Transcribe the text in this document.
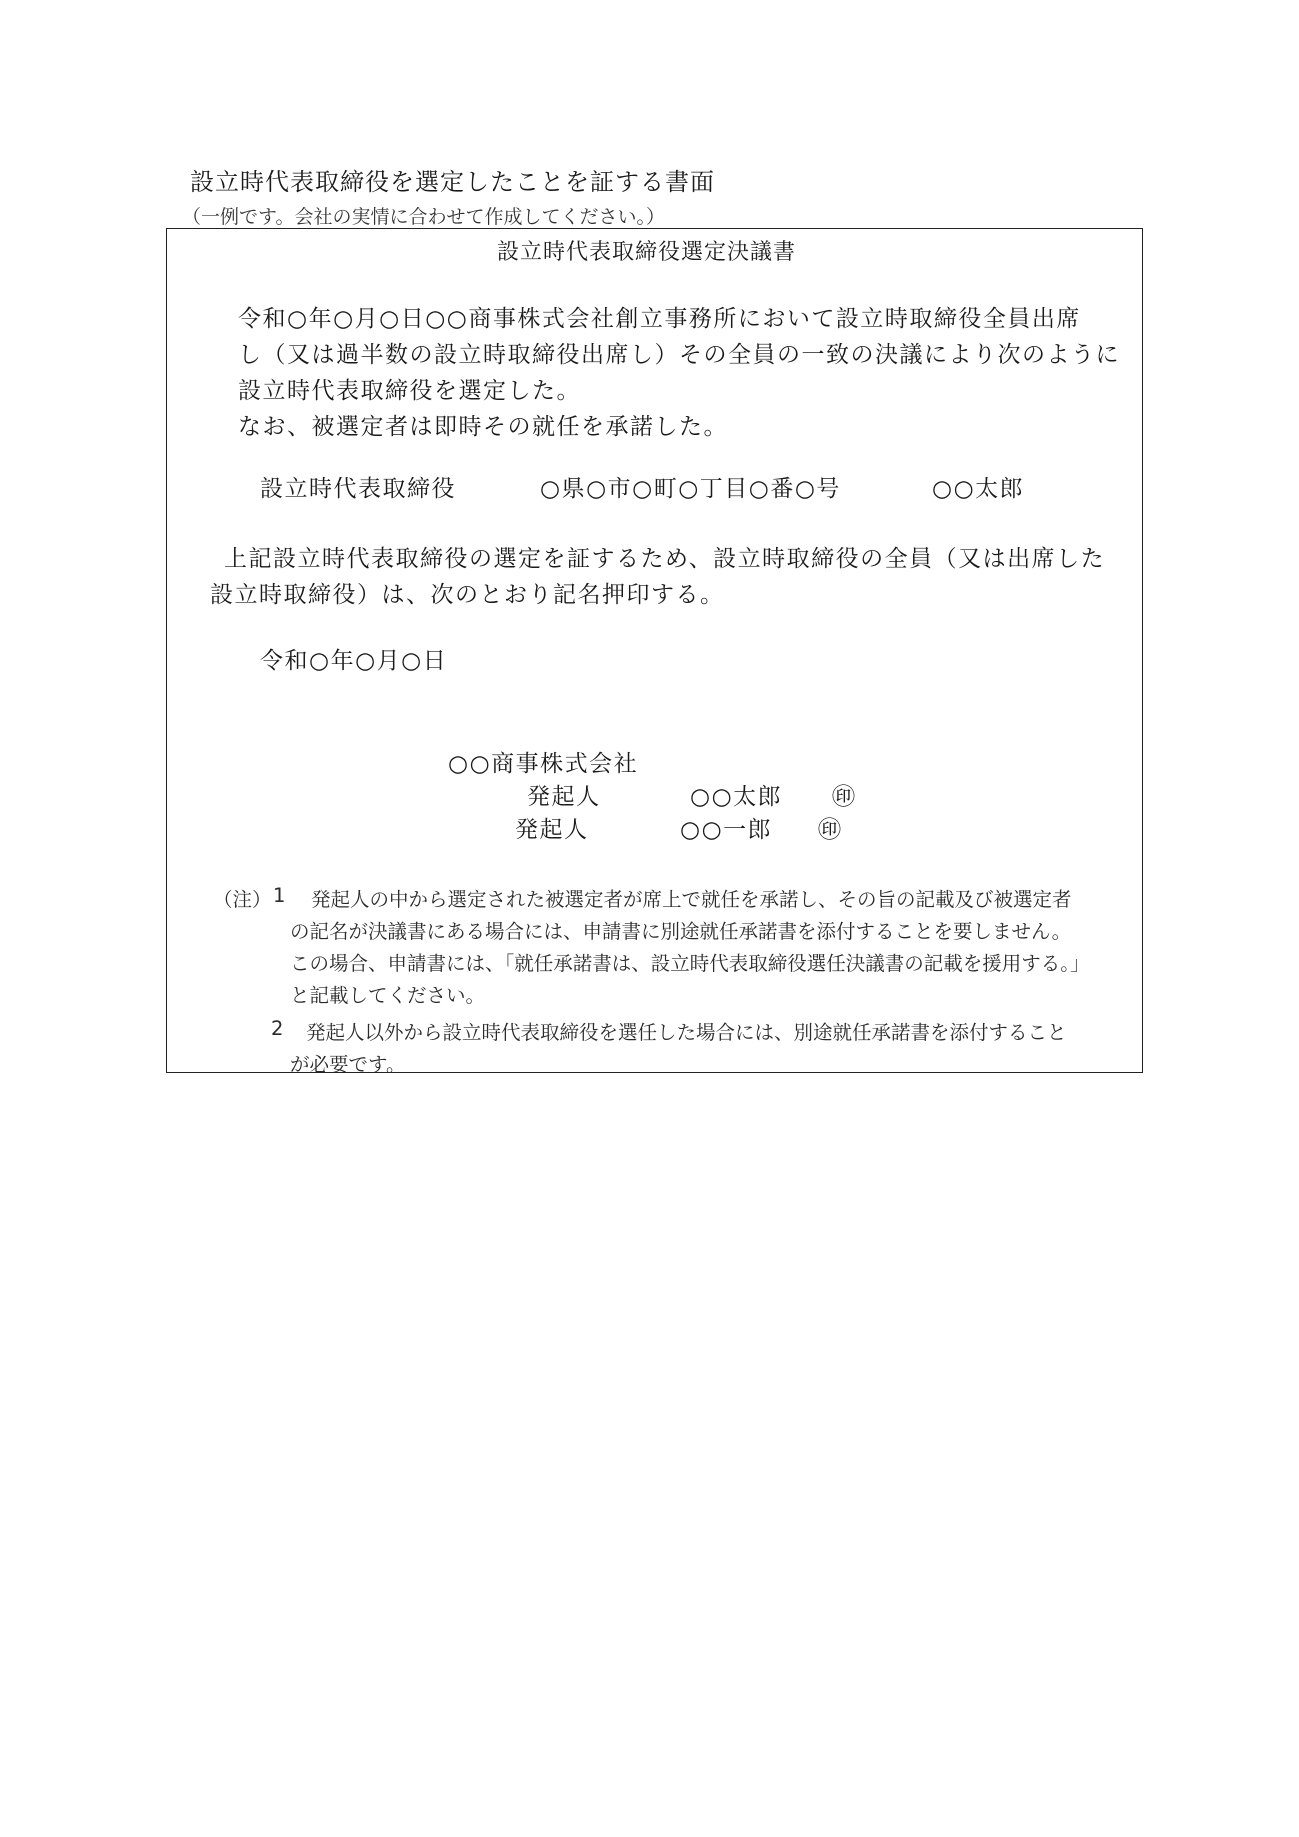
設立時代表取締役を選定したことを証する書面
（一例です。会社の実情に合わせて作成してください。）
設立時代表取締役選定決議書
令和○年○月○日○○商事株式会社創立事務所において設立時取締役全員出席
し（又は過半数の設立時取締役出席し）その全員の一致の決議により次のように
設立時代表取締役を選定した。
なお、被選定者は即時その就任を承諾した。
設立時代表取締役	○県○市○町○丁目○番○号	○○太郎
上記設立時代表取締役の選定を証するため、設立時取締役の全員（又は出席した
設立時取締役）は、次のとおり記名押印する。
令和○年○月○日
○○商事株式会社
発起人	○○太郎 ㊞
発起人	○○一郎 ㊞
（注） 1 発起人の中から選定された被選定者が席上で就任を承諾し、その旨の記載及び被選定者
の記名が決議書にある場合には、申請書に別途就任承諾書を添付することを要しません。
この場合、申請書には、「就任承諾書は、設立時代表取締役選任決議書の記載を援用する。」
と記載してください。
2 発起人以外から設立時代表取締役を選任した場合には、別途就任承諾書を添付すること
が必要です。
